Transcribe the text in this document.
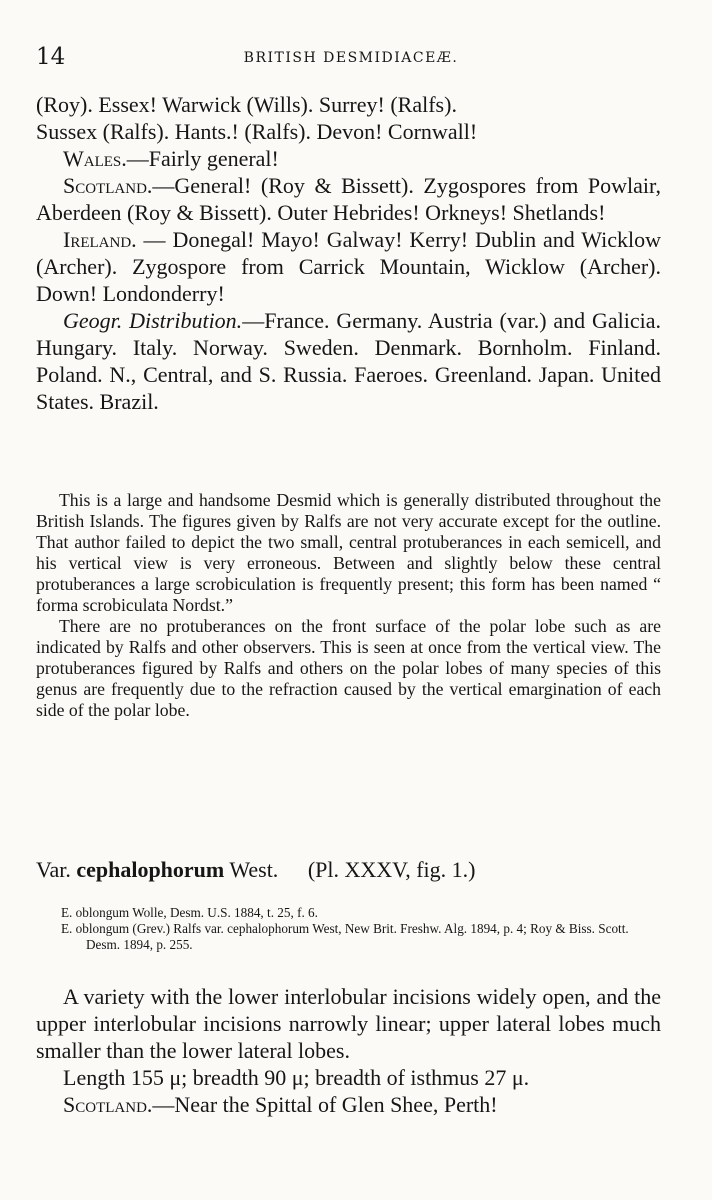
14	BRITISH DESMIDIACEÆ.
(Roy). Essex! Warwick (Wills). Surrey! (Ralfs).
Sussex (Ralfs). Hants.! (Ralfs). Devon! Cornwall!

Wales.—Fairly general!

Scotland.—General! (Roy & Bissett). Zygospores from Powlair, Aberdeen (Roy & Bissett). Outer Hebrides! Orkneys! Shetlands!

Ireland. — Donegal! Mayo! Galway! Kerry! Dublin and Wicklow (Archer). Zygospore from Carrick Mountain, Wicklow (Archer). Down! Londonderry!

Geogr. Distribution.—France. Germany. Austria (var.) and Galicia. Hungary. Italy. Norway. Sweden. Denmark. Bornholm. Finland. Poland. N., Central, and S. Russia. Faeroes. Greenland. Japan. United States. Brazil.

This is a large and handsome Desmid which is generally distributed throughout the British Islands. The figures given by Ralfs are not very accurate except for the outline. That author failed to depict the two small, central protuberances in each semicell, and his vertical view is very erroneous. Between and slightly below these central protuberances a large scrobiculation is frequently present; this form has been named “ forma scrobiculata Nordst.”

There are no protuberances on the front surface of the polar lobe such as are indicated by Ralfs and other observers. This is seen at once from the vertical view. The protuberances figured by Ralfs and others on the polar lobes of many species of this genus are frequently due to the refraction caused by the vertical emargination of each side of the polar lobe.

Var. cephalophorum West. (Pl. XXXV, fig. 1.)

E. oblongum Wolle, Desm. U.S. 1884, t. 25, f. 6.

E. oblongum (Grev.) Ralfs var. cephalophorum West, New Brit. Freshw. Alg. 1894, p. 4; Roy & Biss. Scott. Desm. 1894, p. 255.

A variety with the lower interlobular incisions widely open, and the upper interlobular incisions narrowly linear; upper lateral lobes much smaller than the lower lateral lobes.

Length 155 μ; breadth 90 μ; breadth of isthmus 27 μ.

Scotland.—Near the Spittal of Glen Shee, Perth!
